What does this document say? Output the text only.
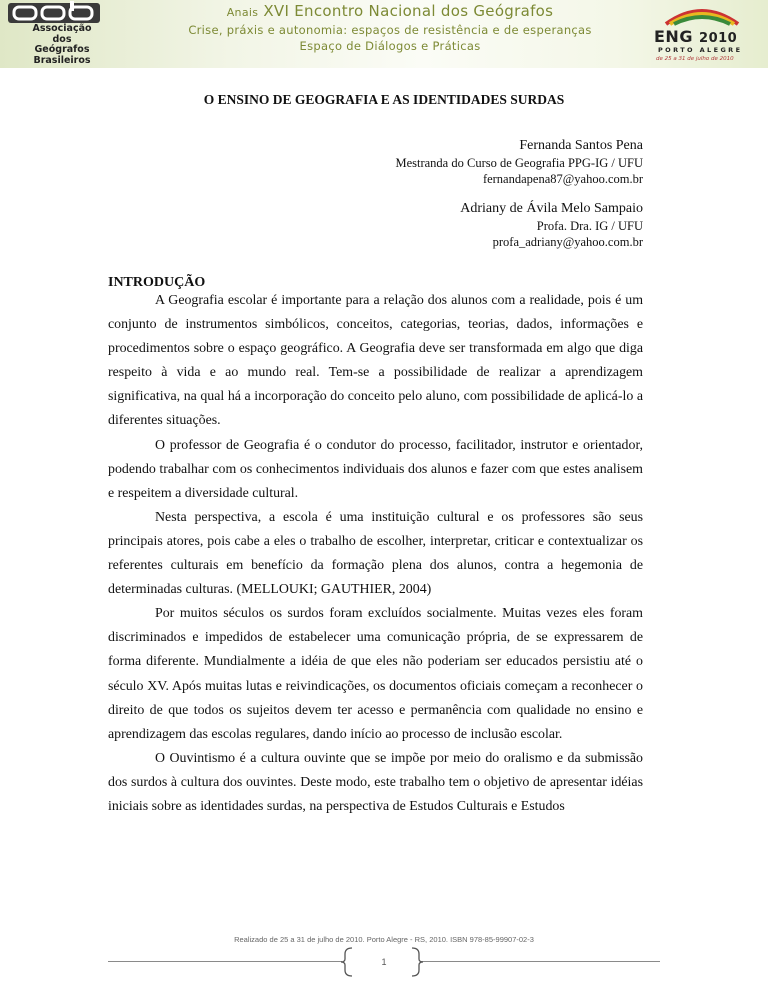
Associação dos
Geógrafos
Brasileiros
Anais XVI Encontro Nacional dos Geógrafos
Crise, práxis e autonomia: espaços de resistência e de esperanças
Espaço de Diálogos e Práticas	ENG 2010
PORTO ALEGRE
de 25 a 31 de julho de 2010
O ENSINO DE GEOGRAFIA E AS IDENTIDADES SURDAS
Fernanda Santos Pena
Mestranda do Curso de Geografia PPG-IG / UFU
fernandapena87@yahoo.com.br
Adriany de Ávila Melo Sampaio
Profa. Dra. IG / UFU
profa_adriany@yahoo.com.br
INTRODUÇÃO

A Geografia escolar é importante para a relação dos alunos com a realidade, pois é um conjunto de instrumentos simbólicos, conceitos, categorias, teorias, dados, informações e procedimentos sobre o espaço geográfico. A Geografia deve ser transformada em algo que diga respeito à vida e ao mundo real. Tem-se a possibilidade de realizar a aprendizagem significativa, na qual há a incorporação do conceito pelo aluno, com possibilidade de aplicá-lo a diferentes situações.

O professor de Geografia é o condutor do processo, facilitador, instrutor e orientador, podendo trabalhar com os conhecimentos individuais dos alunos e fazer com que estes analisem e respeitem a diversidade cultural.

Nesta perspectiva, a escola é uma instituição cultural e os professores são seus principais atores, pois cabe a eles o trabalho de escolher, interpretar, criticar e contextualizar os referentes culturais em benefício da formação plena dos alunos, contra a hegemonia de determinadas culturas. (MELLOUKI; GAUTHIER, 2004)

Por muitos séculos os surdos foram excluídos socialmente. Muitas vezes eles foram discriminados e impedidos de estabelecer uma comunicação própria, de se expressarem de forma diferente. Mundialmente a idéia de que eles não poderiam ser educados persistiu até o século XV. Após muitas lutas e reivindicações, os documentos oficiais começam a reconhecer o direito de que todos os sujeitos devem ter acesso e permanência com qualidade no ensino e aprendizagem das escolas regulares, dando início ao processo de inclusão escolar.

O Ouvintismo é a cultura ouvinte que se impõe por meio do oralismo e da submissão dos surdos à cultura dos ouvintes. Deste modo, este trabalho tem o objetivo de apresentar idéias iniciais sobre as identidades surdas, na perspectiva de Estudos Culturais e Estudos

Realizado de 25 a 31 de julho de 2010. Porto Alegre - RS, 2010. ISBN 978-85-99907-02-3
1
